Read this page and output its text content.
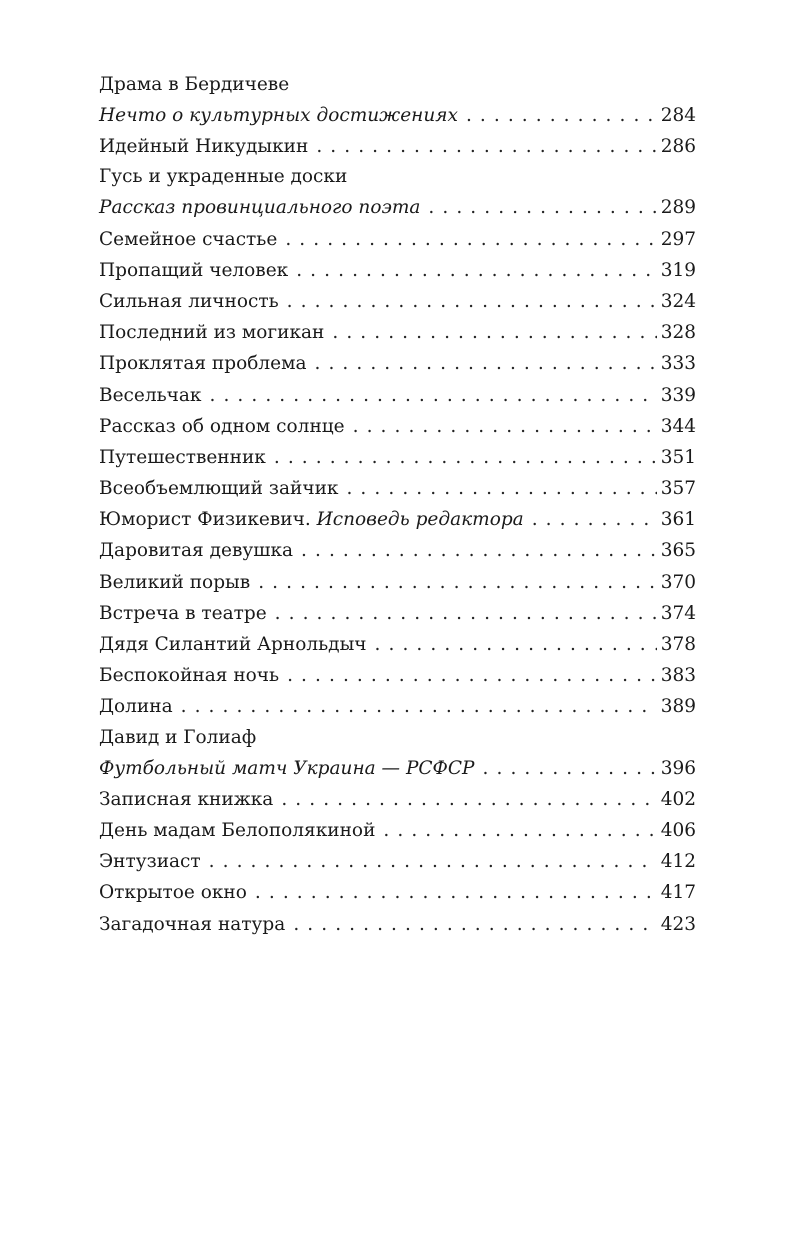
Драма в Бердичеве
Нечто о культурных достижениях . . .	284
Идейный Никудыкин . . .	286
Гусь и украденные доски
Рассказ провинциального поэта . . .	289
Семейное счастье . . .	297
Пропащий человек . . .	319
Сильная личность . . .	324
Последний из могикан . . .	328
Проклятая проблема . . .	333
Весельчак . . .	339
Рассказ об одном солнце . . .	344
Путешественник . . .	351
Всеобъемлющий зайчик . . .	357
Юморист Физикевич. Исповедь редактора . . .	361
Даровитая девушка . . .	365
Великий порыв . . .	370
Встреча в театре . . .	374
Дядя Силантий Арнольдыч . . .	378
Беспокойная ночь . . .	383
Долина . . .	389
Давид и Голиаф
Футбольный матч Украина — РСФСР . . .	396
Записная книжка . . .	402
День мадам Белополякиной . . .	406
Энтузиаст . . .	412
Открытое окно . . .	417
Загадочная натура . . .	423
